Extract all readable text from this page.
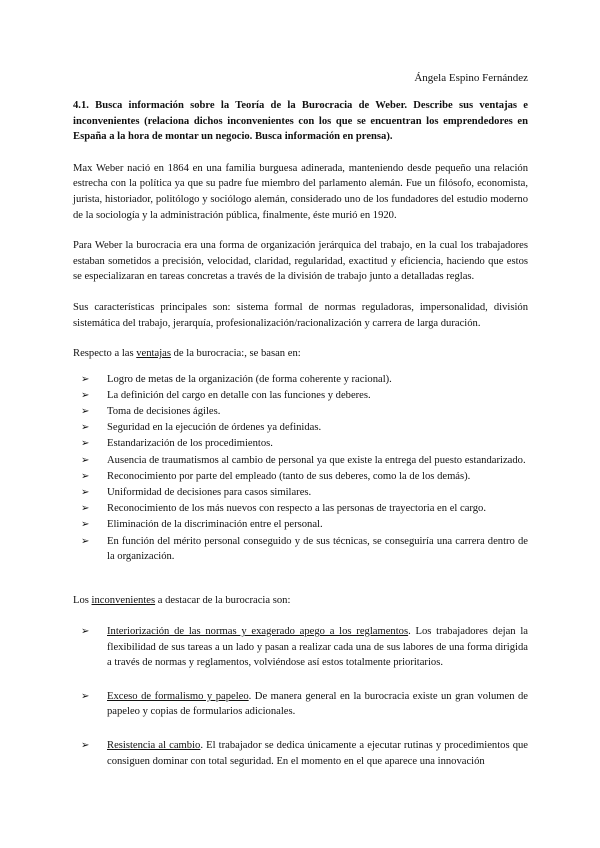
Ángela Espino Fernández

4.1. Busca información sobre la Teoría de la Burocracia de Weber. Describe sus ventajas e inconvenientes (relaciona dichos inconvenientes con los que se encuentran los emprendedores en España a la hora de montar un negocio. Busca información en prensa).

Max Weber nació en 1864 en una familia burguesa adinerada, manteniendo desde pequeño una relación estrecha con la política ya que su padre fue miembro del parlamento alemán. Fue un filósofo, economista, jurista, historiador, politólogo y sociólogo alemán, considerado uno de los fundadores del estudio moderno de la sociología y la administración pública, finalmente, éste murió en 1920.

Para Weber la burocracia era una forma de organización jerárquica del trabajo, en la cual los trabajadores estaban sometidos a precisión, velocidad, claridad, regularidad, exactitud y eficiencia, haciendo que estos se especializaran en tareas concretas a través de la división de trabajo junto a detalladas reglas.

Sus características principales son: sistema formal de normas reguladoras, impersonalidad, división sistemática del trabajo, jerarquía, profesionalización/racionalización y carrera de larga duración.

Respecto a las ventajas de la burocracia:, se basan en:

➢ Logro de metas de la organización (de forma coherente y racional).
➢ La definición del cargo en detalle con las funciones y deberes.
➢ Toma de decisiones ágiles.
➢ Seguridad en la ejecución de órdenes ya definidas.
➢ Estandarización de los procedimientos.
➢ Ausencia de traumatismos al cambio de personal ya que existe la entrega del puesto estandarizado.
➢ Reconocimiento por parte del empleado (tanto de sus deberes, como la de los demás).
➢ Uniformidad de decisiones para casos similares.
➢ Reconocimiento de los más nuevos con respecto a las personas de trayectoria en el cargo.
➢ Eliminación de la discriminación entre el personal.
➢ En función del mérito personal conseguido y de sus técnicas, se conseguiría una carrera dentro de la organización.

Los inconvenientes a destacar de la burocracia son:

➢ Interiorización de las normas y exagerado apego a los reglamentos. Los trabajadores dejan la flexibilidad de sus tareas a un lado y pasan a realizar cada una de sus labores de una forma dirigida a través de normas y reglamentos, volviéndose así estos totalmente prioritarios.
➢ Exceso de formalismo y papeleo. De manera general en la burocracia existe un gran volumen de papeleo y copias de formularios adicionales.
➢ Resistencia al cambio. El trabajador se dedica únicamente a ejecutar rutinas y procedimientos que consiguen dominar con total seguridad. En el momento en el que aparece una innovación
